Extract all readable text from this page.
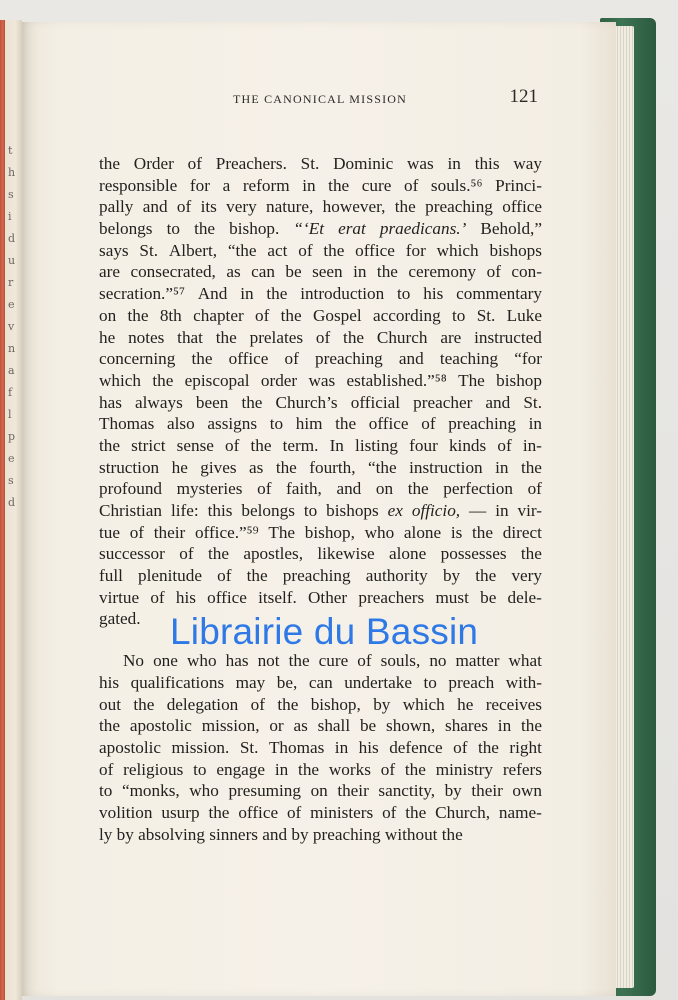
t h s i d u r e v n a f l p e s d
THE CANONICAL MISSION	121
the Order of Preachers. St. Dominic was in this way
responsible for a reform in the cure of souls.⁵⁶ Princi-
pally and of its very nature, however, the preaching office
belongs to the bishop. “‘Et erat praedicans.’ Behold,”
says St. Albert, “the act of the office for which bishops
are consecrated, as can be seen in the ceremony of con-
secration.”⁵⁷ And in the introduction to his commentary
on the 8th chapter of the Gospel according to St. Luke
he notes that the prelates of the Church are instructed
concerning the office of preaching and teaching “for
which the episcopal order was established.”⁵⁸ The bishop
has always been the Church’s official preacher and St.
Thomas also assigns to him the office of preaching in
the strict sense of the term. In listing four kinds of in-
struction he gives as the fourth, “the instruction in the
profound mysteries of faith, and on the perfection of
Christian life: this belongs to bishops ex officio, — in vir-
tue of their office.”⁵⁹ The bishop, who alone is the direct
successor of the apostles, likewise alone possesses the
full plenitude of the preaching authority by the very
virtue of his office itself. Other preachers must be dele-
gated.
No one who has not the cure of souls, no matter what
his qualifications may be, can undertake to preach with-
out the delegation of the bishop, by which he receives
the apostolic mission, or as shall be shown, shares in the
apostolic mission. St. Thomas in his defence of the right
of religious to engage in the works of the ministry refers
to “monks, who presuming on their sanctity, by their own
volition usurp the office of ministers of the Church, name-
ly by absolving sinners and by preaching without the
Librairie du Bassin
